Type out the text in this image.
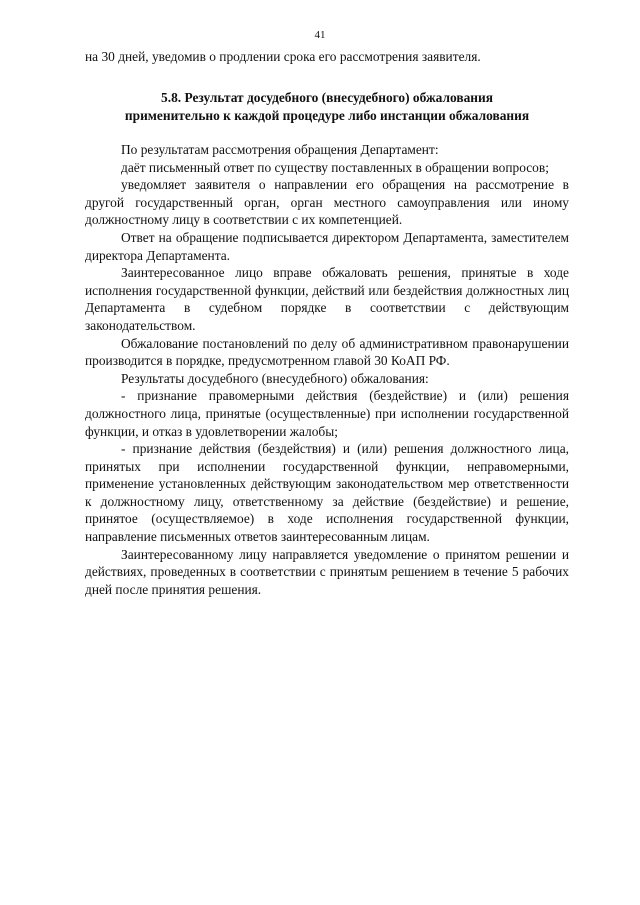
41

на 30 дней, уведомив о продлении срока его рассмотрения заявителя.

5.8. Результат досудебного (внесудебного) обжалования
применительно к каждой процедуре либо инстанции обжалования

По результатам рассмотрения обращения Департамент:

даёт письменный ответ по существу поставленных в обращении вопросов;

уведомляет заявителя о направлении его обращения на рассмотрение в другой государственный орган, орган местного самоуправления или иному должностному лицу в соответствии с их компетенцией.

Ответ на обращение подписывается директором Департамента, заместителем директора Департамента.

Заинтересованное лицо вправе обжаловать решения, принятые в ходе исполнения государственной функции, действий или бездействия должностных лиц Департамента в судебном порядке в соответствии с действующим законодательством.

Обжалование постановлений по делу об административном правонарушении производится в порядке, предусмотренном главой 30 КоАП РФ.

Результаты досудебного (внесудебного) обжалования:

- признание правомерными действия (бездействие) и (или) решения должностного лица, принятые (осуществленные) при исполнении государственной функции, и отказ в удовлетворении жалобы;

- признание действия (бездействия) и (или) решения должностного лица, принятых при исполнении государственной функции, неправомерными, применение установленных действующим законодательством мер ответственности к должностному лицу, ответственному за действие (бездействие) и решение, принятое (осуществляемое) в ходе исполнения государственной функции, направление письменных ответов заинтересованным лицам.

Заинтересованному лицу направляется уведомление о принятом решении и действиях, проведенных в соответствии с принятым решением в течение 5 рабочих дней после принятия решения.
